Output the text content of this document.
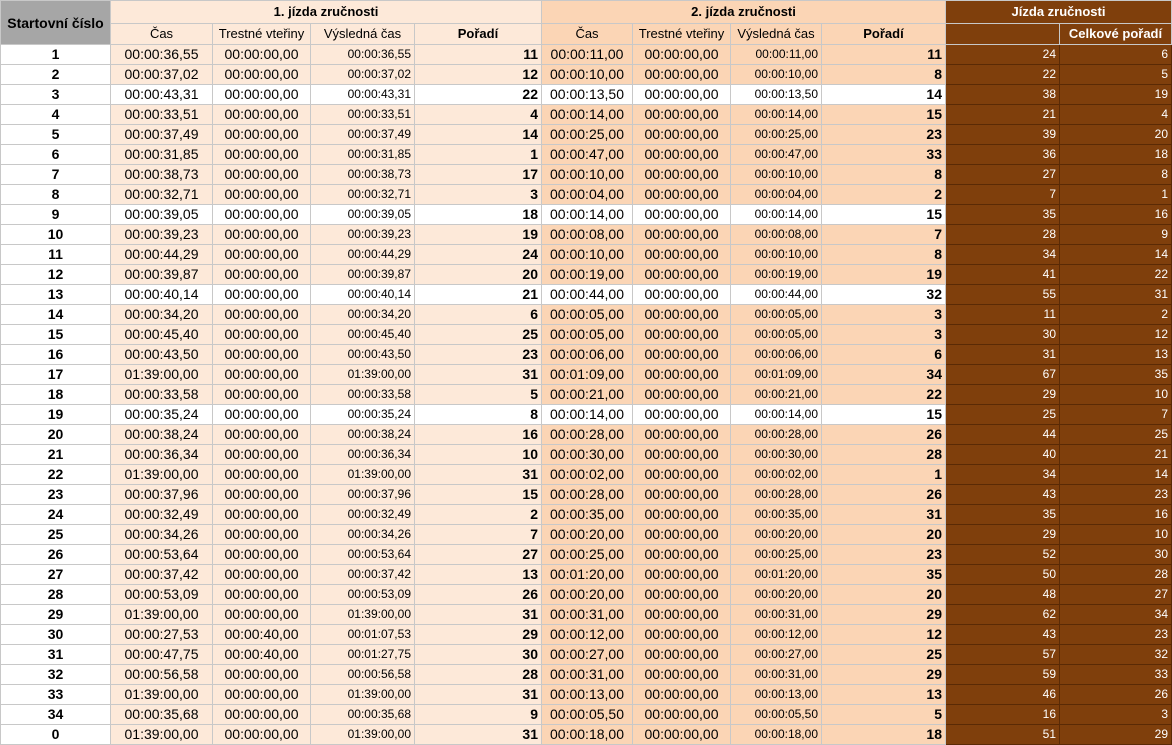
Startovní číslo	1. jízda zručnosti				2. jízda zručnosti				Jízda zručnosti	
	Čas	Trestné vteřiny	Výsledná čas	Pořadí	Čas	Trestné vteřiny	Výsledná čas	Pořadí		Celkové pořadí
1	00:00:36,55	00:00:00,00	00:00:36,55	11	00:00:11,00	00:00:00,00	00:00:11,00	11	24	6
2	00:00:37,02	00:00:00,00	00:00:37,02	12	00:00:10,00	00:00:00,00	00:00:10,00	8	22	5
3	00:00:43,31	00:00:00,00	00:00:43,31	22	00:00:13,50	00:00:00,00	00:00:13,50	14	38	19
4	00:00:33,51	00:00:00,00	00:00:33,51	4	00:00:14,00	00:00:00,00	00:00:14,00	15	21	4
5	00:00:37,49	00:00:00,00	00:00:37,49	14	00:00:25,00	00:00:00,00	00:00:25,00	23	39	20
6	00:00:31,85	00:00:00,00	00:00:31,85	1	00:00:47,00	00:00:00,00	00:00:47,00	33	36	18
7	00:00:38,73	00:00:00,00	00:00:38,73	17	00:00:10,00	00:00:00,00	00:00:10,00	8	27	8
8	00:00:32,71	00:00:00,00	00:00:32,71	3	00:00:04,00	00:00:00,00	00:00:04,00	2	7	1
9	00:00:39,05	00:00:00,00	00:00:39,05	18	00:00:14,00	00:00:00,00	00:00:14,00	15	35	16
10	00:00:39,23	00:00:00,00	00:00:39,23	19	00:00:08,00	00:00:00,00	00:00:08,00	7	28	9
11	00:00:44,29	00:00:00,00	00:00:44,29	24	00:00:10,00	00:00:00,00	00:00:10,00	8	34	14
12	00:00:39,87	00:00:00,00	00:00:39,87	20	00:00:19,00	00:00:00,00	00:00:19,00	19	41	22
13	00:00:40,14	00:00:00,00	00:00:40,14	21	00:00:44,00	00:00:00,00	00:00:44,00	32	55	31
14	00:00:34,20	00:00:00,00	00:00:34,20	6	00:00:05,00	00:00:00,00	00:00:05,00	3	11	2
15	00:00:45,40	00:00:00,00	00:00:45,40	25	00:00:05,00	00:00:00,00	00:00:05,00	3	30	12
16	00:00:43,50	00:00:00,00	00:00:43,50	23	00:00:06,00	00:00:00,00	00:00:06,00	6	31	13
17	01:39:00,00	00:00:00,00	01:39:00,00	31	00:01:09,00	00:00:00,00	00:01:09,00	34	67	35
18	00:00:33,58	00:00:00,00	00:00:33,58	5	00:00:21,00	00:00:00,00	00:00:21,00	22	29	10
19	00:00:35,24	00:00:00,00	00:00:35,24	8	00:00:14,00	00:00:00,00	00:00:14,00	15	25	7
20	00:00:38,24	00:00:00,00	00:00:38,24	16	00:00:28,00	00:00:00,00	00:00:28,00	26	44	25
21	00:00:36,34	00:00:00,00	00:00:36,34	10	00:00:30,00	00:00:00,00	00:00:30,00	28	40	21
22	01:39:00,00	00:00:00,00	01:39:00,00	31	00:00:02,00	00:00:00,00	00:00:02,00	1	34	14
23	00:00:37,96	00:00:00,00	00:00:37,96	15	00:00:28,00	00:00:00,00	00:00:28,00	26	43	23
24	00:00:32,49	00:00:00,00	00:00:32,49	2	00:00:35,00	00:00:00,00	00:00:35,00	31	35	16
25	00:00:34,26	00:00:00,00	00:00:34,26	7	00:00:20,00	00:00:00,00	00:00:20,00	20	29	10
26	00:00:53,64	00:00:00,00	00:00:53,64	27	00:00:25,00	00:00:00,00	00:00:25,00	23	52	30
27	00:00:37,42	00:00:00,00	00:00:37,42	13	00:01:20,00	00:00:00,00	00:01:20,00	35	50	28
28	00:00:53,09	00:00:00,00	00:00:53,09	26	00:00:20,00	00:00:00,00	00:00:20,00	20	48	27
29	01:39:00,00	00:00:00,00	01:39:00,00	31	00:00:31,00	00:00:00,00	00:00:31,00	29	62	34
30	00:00:27,53	00:00:40,00	00:01:07,53	29	00:00:12,00	00:00:00,00	00:00:12,00	12	43	23
31	00:00:47,75	00:00:40,00	00:01:27,75	30	00:00:27,00	00:00:00,00	00:00:27,00	25	57	32
32	00:00:56,58	00:00:00,00	00:00:56,58	28	00:00:31,00	00:00:00,00	00:00:31,00	29	59	33
33	01:39:00,00	00:00:00,00	01:39:00,00	31	00:00:13,00	00:00:00,00	00:00:13,00	13	46	26
34	00:00:35,68	00:00:00,00	00:00:35,68	9	00:00:05,50	00:00:00,00	00:00:05,50	5	16	3
0	01:39:00,00	00:00:00,00	01:39:00,00	31	00:00:18,00	00:00:00,00	00:00:18,00	18	51	29
